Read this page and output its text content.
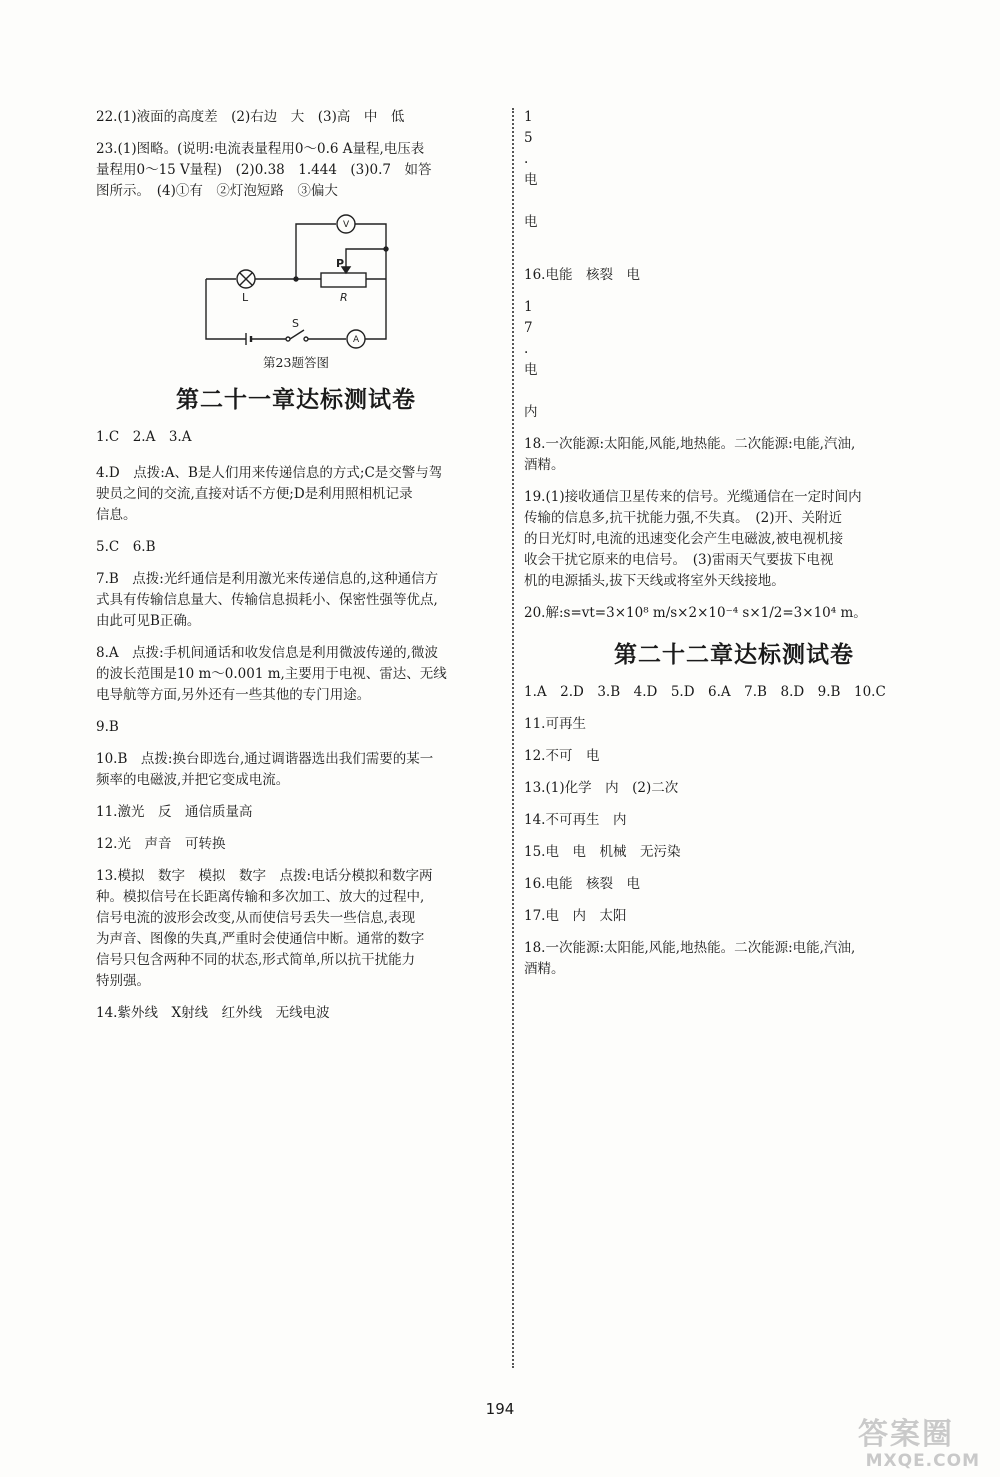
22.(1)液面的高度差　(2)右边　大　(3)高　中　低

23.(1)图略。(说明:电流表量程用0～0.6 A量程,电压表

量程用0～15 V量程)　(2)0.38　1.444　(3)0.7　如答

图所示。　(4)①有　②灯泡短路　③偏大

V
A
P
R
L
S

第23题答图

第二十一章达标测试卷

1.C　2.A　3.A

4.D　点拨:A、B是人们用来传递信息的方式;C是交警与驾

驶员之间的交流,直接对话不方便;D是利用照相机记录

信息。

5.C　6.B

7.B　点拨:光纤通信是利用激光来传递信息的,这种通信方

式具有传输信息量大、传输信息损耗小、保密性强等优点,

由此可见B正确。

8.A　点拨:手机间通话和收发信息是利用微波传递的,微波

的波长范围是10 m～0.001 m,主要用于电视、雷达、无线

电导航等方面,另外还有一些其他的专门用途。

9.B

10.B　点拨:换台即选台,通过调谐器选出我们需要的某一

频率的电磁波,并把它变成电流。

11.激光　反　通信质量高

12.光　声音　可转换

13.模拟　数字　模拟　数字　点拨:电话分模拟和数字两

种。模拟信号在长距离传输和多次加工、放大的过程中,

信号电流的波形会改变,从而使信号丢失一些信息,表现

为声音、图像的失真,严重时会使通信中断。通常的数字

信号只包含两种不同的状态,形式简单,所以抗干扰能力

特别强。

14.紫外线　X射线　红外线　无线电波

1

5

.

电

电

16.电能　核裂　电

1

7

.

电

内

18.一次能源:太阳能,风能,地热能。二次能源:电能,汽油,

酒精。

19.(1)接收通信卫星传来的信号。光缆通信在一定时间内

传输的信息多,抗干扰能力强,不失真。　(2)开、关附近

的日光灯时,电流的迅速变化会产生电磁波,被电视机接

收会干扰它原来的电信号。　(3)雷雨天气要拔下电视

机的电源插头,拔下天线或将室外天线接地。

20.解:s=vt=3×10⁸ m/s×2×10⁻⁴ s×1/2=3×10⁴ m。

第二十二章达标测试卷

1.A　2.D　3.B　4.D　5.D　6.A　7.B　8.D　9.B　10.C

11.可再生

12.不可　电

13.(1)化学　内　(2)二次

14.不可再生　内

15.电　电　机械　无污染

16.电能　核裂　电

17.电　内　太阳

18.一次能源:太阳能,风能,地热能。二次能源:电能,汽油,

酒精。

194
答案圈
MXQE.COM
